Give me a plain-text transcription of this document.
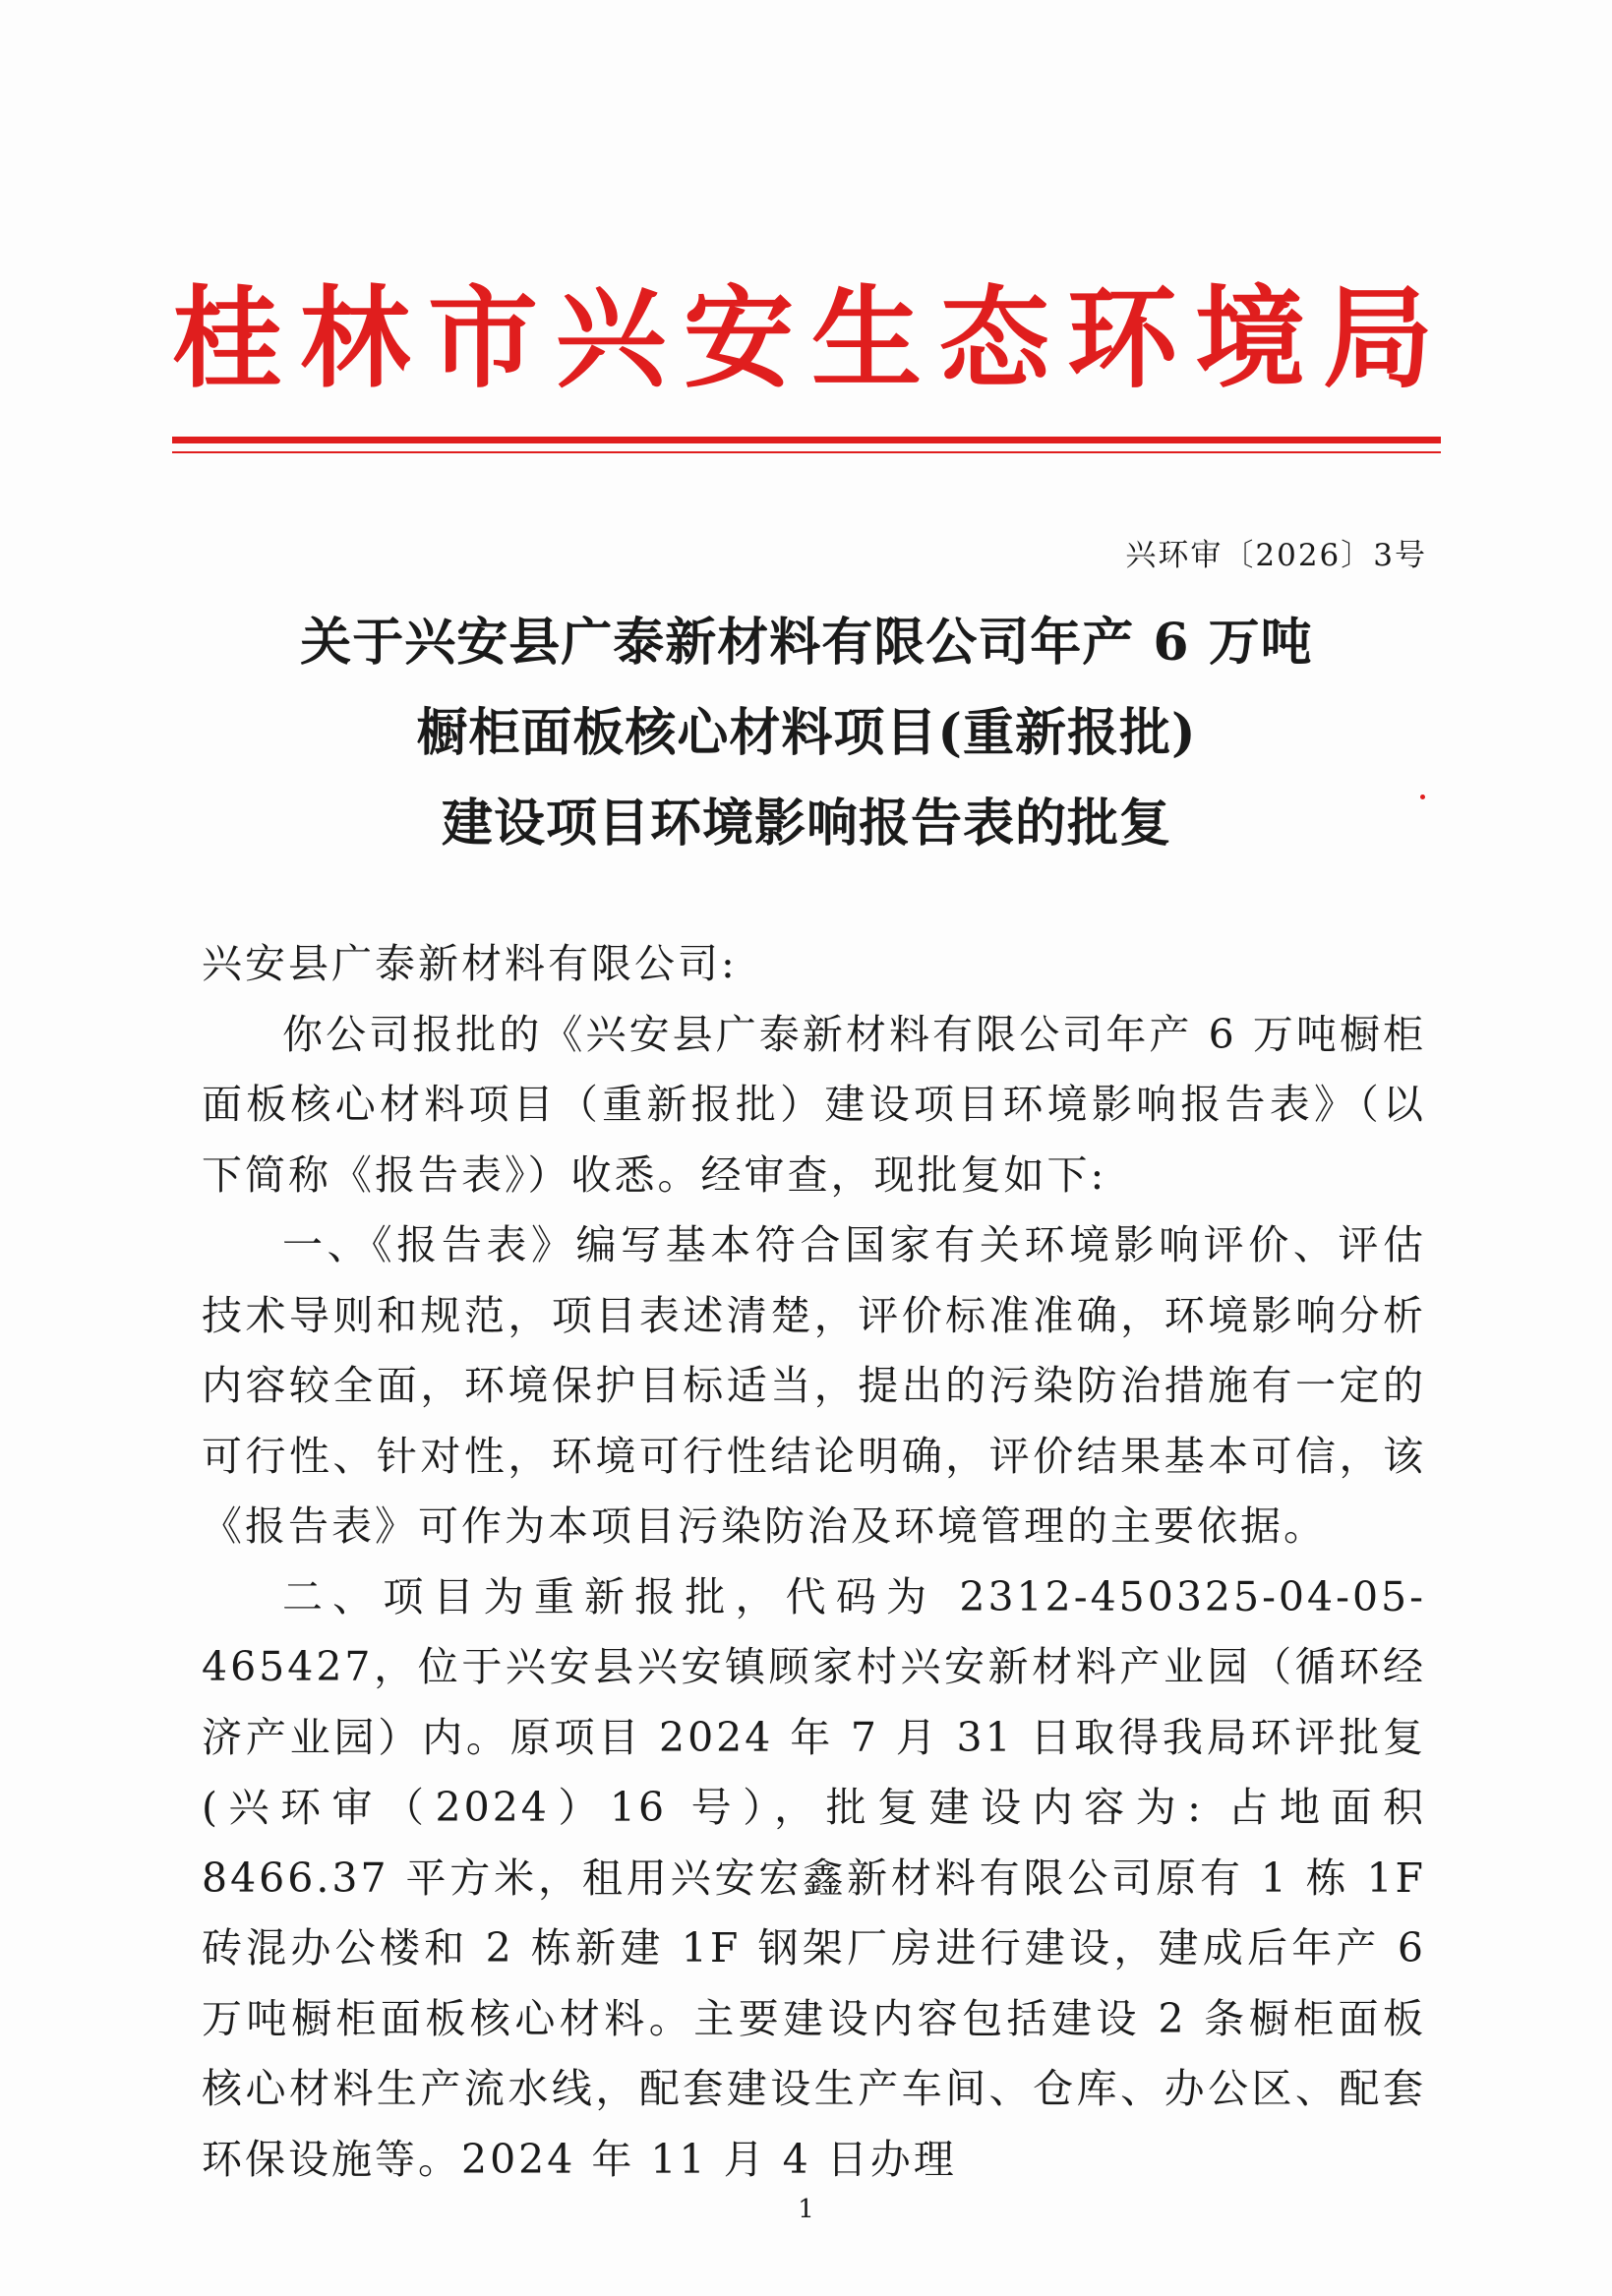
桂林市兴安生态环境局
兴环审〔2026〕3号
关于兴安县广泰新材料有限公司年产 6 万吨
橱柜面板核心材料项目(重新报批)
建设项目环境影响报告表的批复

兴安县广泰新材料有限公司:

你公司报批的《兴安县广泰新材料有限公司年产 6 万吨橱柜面板核心材料项目（重新报批）建设项目环境影响报告表》（以下简称《报告表》）收悉。经审查，现批复如下:

一、《报告表》编写基本符合国家有关环境影响评价、评估技术导则和规范，项目表述清楚，评价标准准确，环境影响分析内容较全面，环境保护目标适当，提出的污染防治措施有一定的可行性、针对性，环境可行性结论明确，评价结果基本可信，该《报告表》可作为本项目污染防治及环境管理的主要依据。

二、项目为重新报批，代码为 2312-450325-04-05-465427，位于兴安县兴安镇顾家村兴安新材料产业园（循环经济产业园）内。原项目 2024 年 7 月 31 日取得我局环评批复(兴环审（2024）16 号），批复建设内容为: 占地面积 8466.37 平方米，租用兴安宏鑫新材料有限公司原有 1 栋 1F 砖混办公楼和 2 栋新建 1F 钢架厂房进行建设，建成后年产 6 万吨橱柜面板核心材料。主要建设内容包括建设 2 条橱柜面板核心材料生产流水线，配套建设生产车间、仓库、办公区、配套环保设施等。2024 年 11 月 4 日办理

1
